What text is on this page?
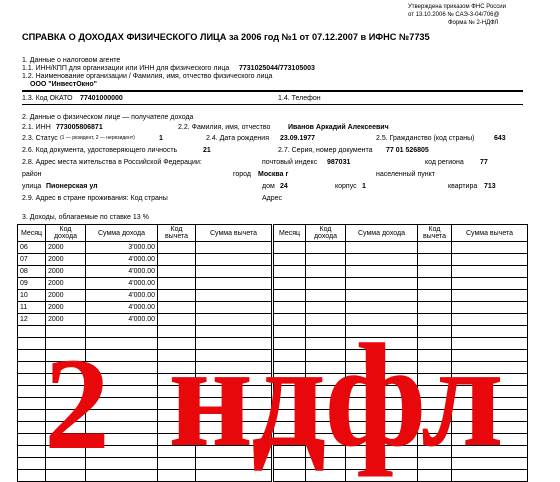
Утверждена приказом ФНС России
от 13.10.2006 № САЭ-3-04/706@
Форма № 2-НДФЛ
СПРАВКА О ДОХОДАХ ФИЗИЧЕСКОГО ЛИЦА за 2006 год №1 от 07.12.2007 в ИФНС №7735
1. Данные о налоговом агенте
1.1. ИНН/КПП для организации или ИНН для физического лица 7731025044/773105003
1.2. Наименование организации / Фамилия, имя, отчество физического лица
ООО "ИнвестОкно"
1.3. Код ОКАТО 77401000000	1.4. Телефон
2. Данные о физическом лице — получателе дохода
2.1. ИНН 773005806871	2.2. Фамилия, имя, отчество	Иванов Аркадий Алексеевич
2.3. Статус (1 — резидент, 2 — нерезидент)	1	2.4. Дата рождения 23.09.1977	2.5. Гражданство (код страны)	643
2.6. Код документа, удостоверяющего личность	21	2.7. Серия, номер документа 77 01 526805
2.8. Адрес места жительства в Российской Федерации:	почтовый индекс 987031	код региона 77
район	город Москва г	населенный пункт
улица Пионерская ул	дом 24	корпус 1	квартира 713
2.9. Адрес в стране проживания: Код страны	Адрес
3. Доходы, облагаемые по ставке 13 %
Месяц	Код дохода	Сумма дохода	Код вычета	Сумма вычета
06	2000	3'000.00		
07	2000	4'000.00		
08	2000	4'000.00		
09	2000	4'000.00		
10	2000	4'000.00		
11	2000	4'000.00		
12	2000	4'000.00		

Месяц	Код дохода	Сумма дохода	Код вычета	Сумма вычета

2 ндфл
